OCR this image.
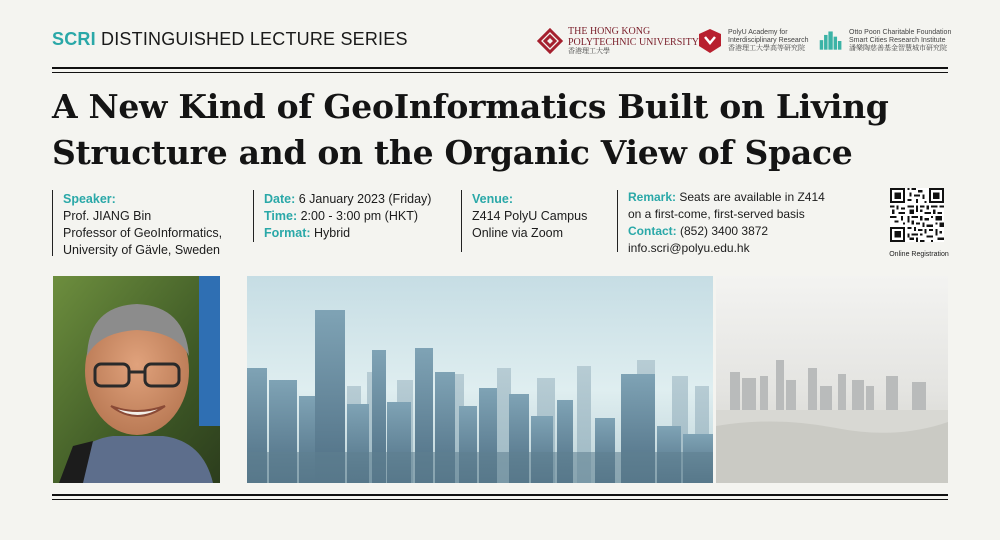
SCRI DISTINGUISHED LECTURE SERIES	THE HONG KONG
POLYTECHNIC UNIVERSITY
香港理工大學
PolyU Academy for
Interdisciplinary Research
香港理工大學高等研究院
Otto Poon Charitable Foundation
Smart Cities Research Institute
潘樂陶慈善基金智慧城市研究院
A New Kind of GeoInformatics Built on Living
Structure and on the Organic View of Space
Speaker:
Prof. JIANG Bin
Professor of GeoInformatics,
University of Gävle, Sweden
Date: 6 January 2023 (Friday)
Time: 2:00 - 3:00 pm (HKT)
Format: Hybrid
Venue:
Z414 PolyU Campus
Online via Zoom
Remark: Seats are available in Z414
on a first-come, first-served basis
Contact: (852) 3400 3872
info.scri@polyu.edu.hk	Online Registration
